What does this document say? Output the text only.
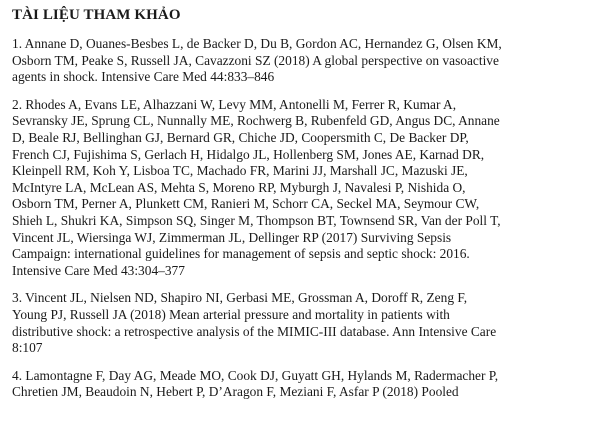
TÀI LIỆU THAM KHẢO
1. Annane D, Ouanes-Besbes L, de Backer D, Du B, Gordon AC, Hernandez G, Olsen KM,
Osborn TM, Peake S, Russell JA, Cavazzoni SZ (2018) A global perspective on vasoactive
agents in shock. Intensive Care Med 44:833–846
2. Rhodes A, Evans LE, Alhazzani W, Levy MM, Antonelli M, Ferrer R, Kumar A,
Sevransky JE, Sprung CL, Nunnally ME, Rochwerg B, Rubenfeld GD, Angus DC, Annane
D, Beale RJ, Bellinghan GJ, Bernard GR, Chiche JD, Coopersmith C, De Backer DP,
French CJ, Fujishima S, Gerlach H, Hidalgo JL, Hollenberg SM, Jones AE, Karnad DR,
Kleinpell RM, Koh Y, Lisboa TC, Machado FR, Marini JJ, Marshall JC, Mazuski JE,
McIntyre LA, McLean AS, Mehta S, Moreno RP, Myburgh J, Navalesi P, Nishida O,
Osborn TM, Perner A, Plunkett CM, Ranieri M, Schorr CA, Seckel MA, Seymour CW,
Shieh L, Shukri KA, Simpson SQ, Singer M, Thompson BT, Townsend SR, Van der Poll T,
Vincent JL, Wiersinga WJ, Zimmerman JL, Dellinger RP (2017) Surviving Sepsis
Campaign: international guidelines for management of sepsis and septic shock: 2016.
Intensive Care Med 43:304–377
3. Vincent JL, Nielsen ND, Shapiro NI, Gerbasi ME, Grossman A, Doroff R, Zeng F,
Young PJ, Russell JA (2018) Mean arterial pressure and mortality in patients with
distributive shock: a retrospective analysis of the MIMIC-III database. Ann Intensive Care
8:107
4. Lamontagne F, Day AG, Meade MO, Cook DJ, Guyatt GH, Hylands M, Radermacher P,
Chretien JM, Beaudoin N, Hebert P, D’Aragon F, Meziani F, Asfar P (2018) Pooled
